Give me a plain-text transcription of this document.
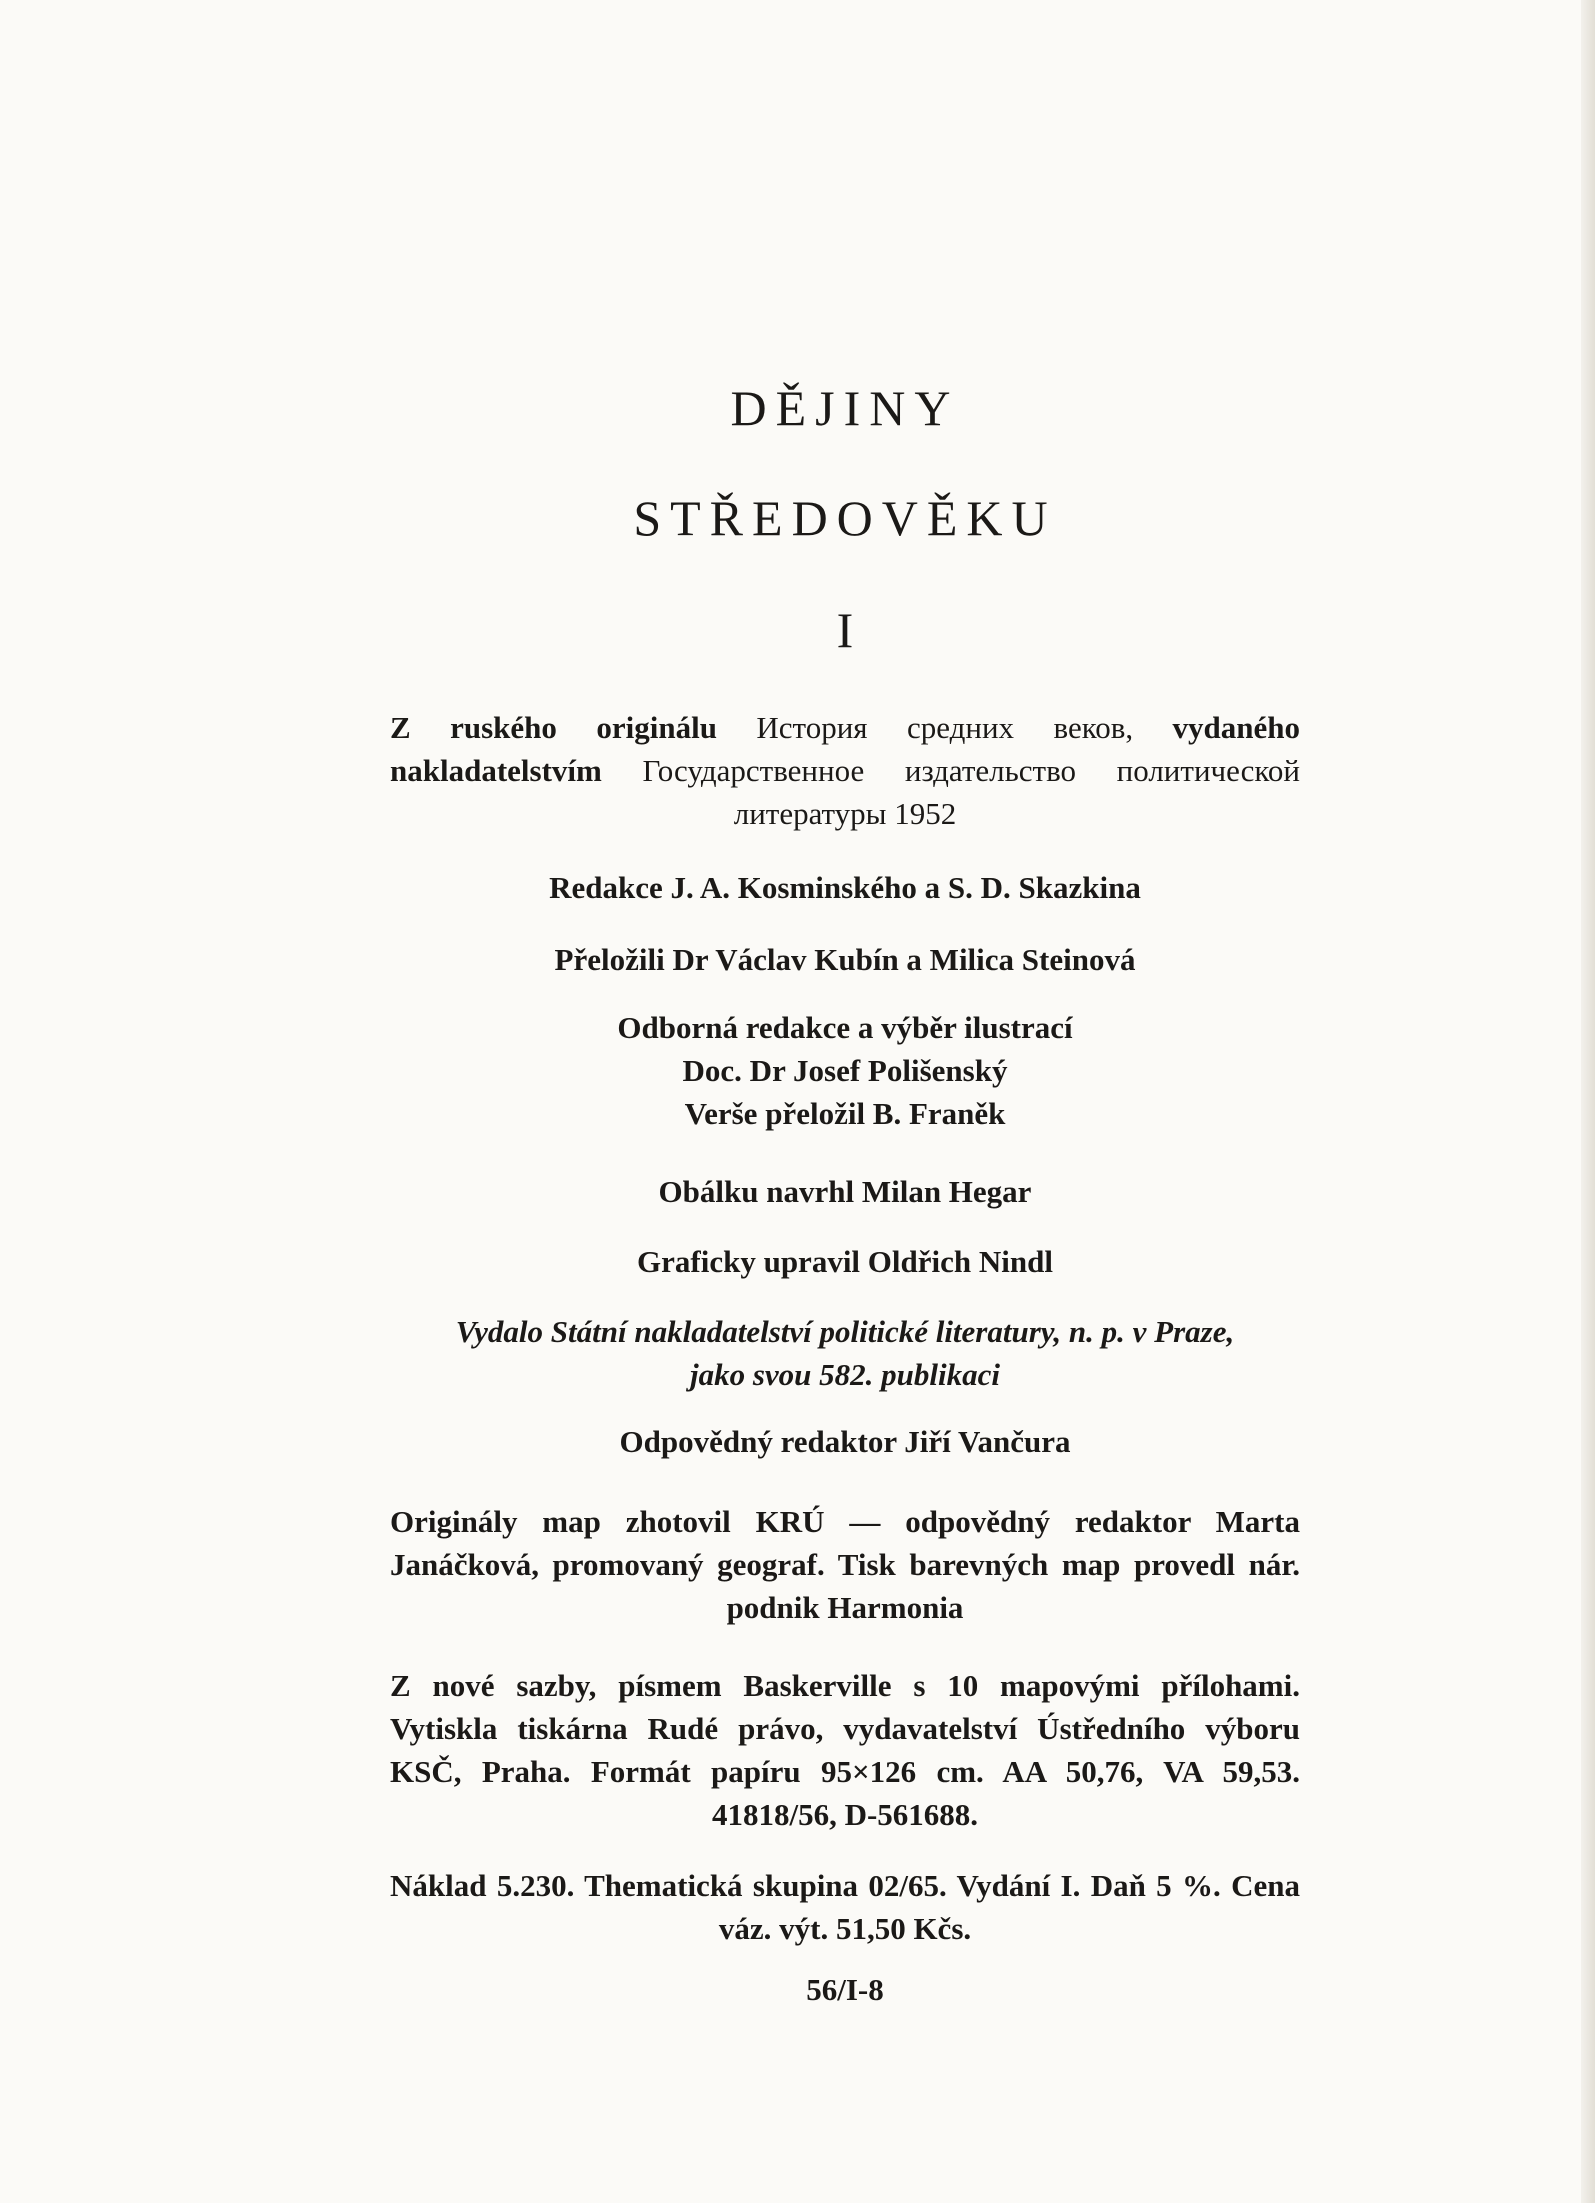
DĚJINY
STŘEDOVĚKU
I

Z ruského originálu История средних веков, vydaného nakladatelstvím Государственное издательство политической литературы 1952

Redakce J. A. Kosminského a S. D. Skazkina

Přeložili Dr Václav Kubín a Milica Steinová

Odborná redakce a výběr ilustrací
Doc. Dr Josef Polišenský
Verše přeložil B. Franěk

Obálku navrhl Milan Hegar

Graficky upravil Oldřich Nindl

Vydalo Státní nakladatelství politické literatury, n. p. v Praze,
jako svou 582. publikaci

Odpovědný redaktor Jiří Vančura

Originály map zhotovil KRÚ — odpovědný redaktor Marta Janáčková, promovaný geograf. Tisk barevných map provedl nár. podnik Harmonia

Z nové sazby, písmem Baskerville s 10 mapovými přílohami. Vytiskla tiskárna Rudé právo, vydavatelství Ústředního výboru KSČ, Praha. Formát papíru 95×126 cm. AA 50,76, VA 59,53. 41818/56, D-561688.

Náklad 5.230. Thematická skupina 02/65. Vydání I. Daň 5 %. Cena váz. výt. 51,50 Kčs.

56/I-8
